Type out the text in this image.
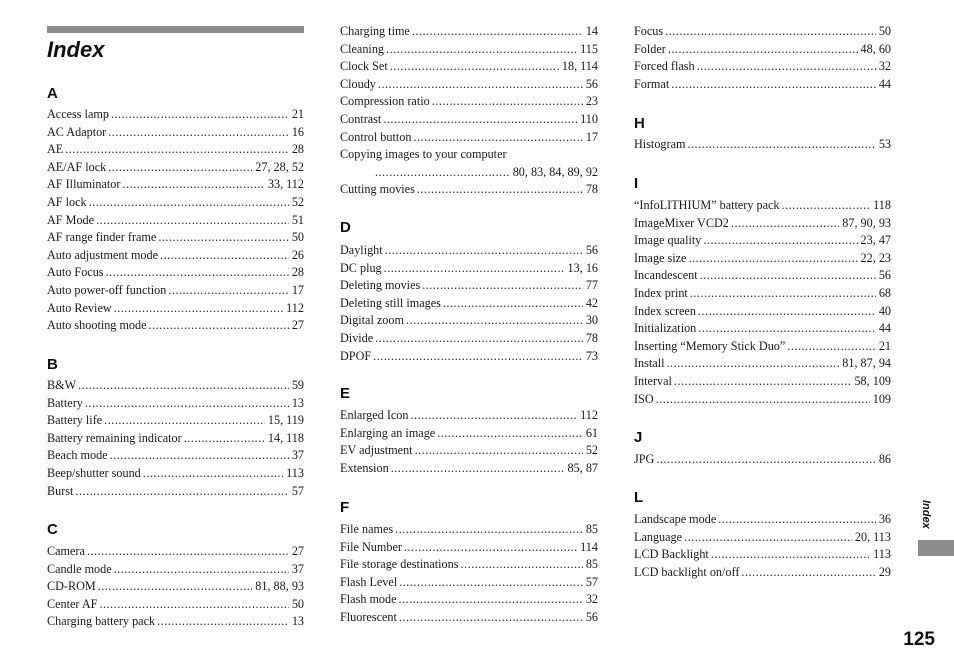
Index
A
Access lamp .....	21
AC Adaptor .....	16
AE .....	28
AE/AF lock .....	27, 28, 52
AF Illuminator .....	33, 112
AF lock .....	52
AF Mode .....	51
AF range finder frame .....	50
Auto adjustment mode .....	26
Auto Focus .....	28
Auto power-off function .....	17
Auto Review .....	112
Auto shooting mode .....	27
B
B&W .....	59
Battery .....	13
Battery life .....	15, 119
Battery remaining indicator .....	14, 118
Beach mode .....	37
Beep/shutter sound .....	113
Burst .....	57
C
Camera .....	27
Candle mode .....	37
CD-ROM .....	81, 88, 93
Center AF .....	50
Charging battery pack .....	13
Charging time .....	14
Cleaning .....	115
Clock Set .....	18, 114
Cloudy .....	56
Compression ratio .....	23
Contrast .....	110
Control button .....	17
Copying images to your computer
.....
80, 83, 84, 89, 92
Cutting movies .....	78
D
Daylight .....	56
DC plug .....	13, 16
Deleting movies .....	77
Deleting still images .....	42
Digital zoom .....	30
Divide .....	78
DPOF .....	73
E
Enlarged Icon .....	112
Enlarging an image .....	61
EV adjustment .....	52
Extension .....	85, 87
F
File names .....	85
File Number .....	114
File storage destinations .....	85
Flash Level .....	57
Flash mode .....	32
Fluorescent .....	56
Focus .....	50
Folder .....	48, 60
Forced flash .....	32
Format .....	44
H
Histogram .....	53
I
“InfoLITHIUM” battery pack .....	118
ImageMixer VCD2 .....	87, 90, 93
Image quality .....	23, 47
Image size .....	22, 23
Incandescent .....	56
Index print .....	68
Index screen .....	40
Initialization .....	44
Inserting “Memory Stick Duo” .....	21
Install .....	81, 87, 94
Interval .....	58, 109
ISO .....	109
J
JPG .....	86
L
Landscape mode .....	36
Language .....	20, 113
LCD Backlight .....	113
LCD backlight on/off .....	29
Index
125
